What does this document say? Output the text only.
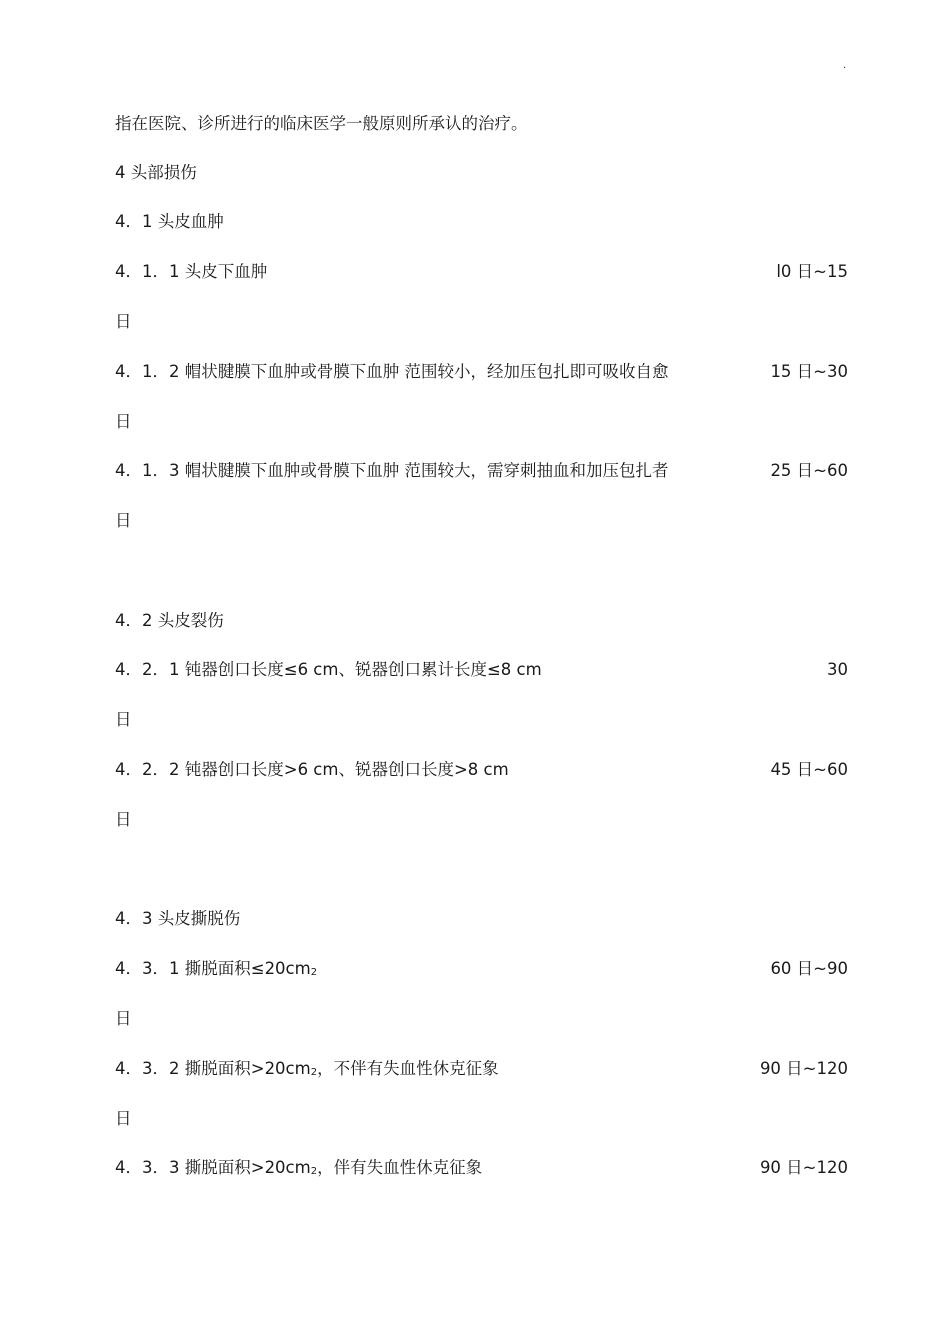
.
指在医院、诊所进行的临床医学一般原则所承认的治疗。
4 头部损伤
4．1 头皮血肿
4．1．1 头皮下血肿	l0 日~15
日
4．1．2 帽状腱膜下血肿或骨膜下血肿 范围较小，经加压包扎即可吸收自愈	15 日~30
日
4．1．3 帽状腱膜下血肿或骨膜下血肿 范围较大，需穿刺抽血和加压包扎者	25 日~60
日
4．2 头皮裂伤
4．2．1 钝器创口长度≤6 cm、锐器创口累计长度≤8 cm	30
日
4．2．2 钝器创口长度>6 cm、锐器创口长度>8 cm	45 日~60
日
4．3 头皮撕脱伤
4．3．1 撕脱面积≤20cm2	60 日~90
日
4．3．2 撕脱面积>20cm2，不伴有失血性休克征象	90 日~120
日
4．3．3 撕脱面积>20cm2，伴有失血性休克征象	90 日~120
